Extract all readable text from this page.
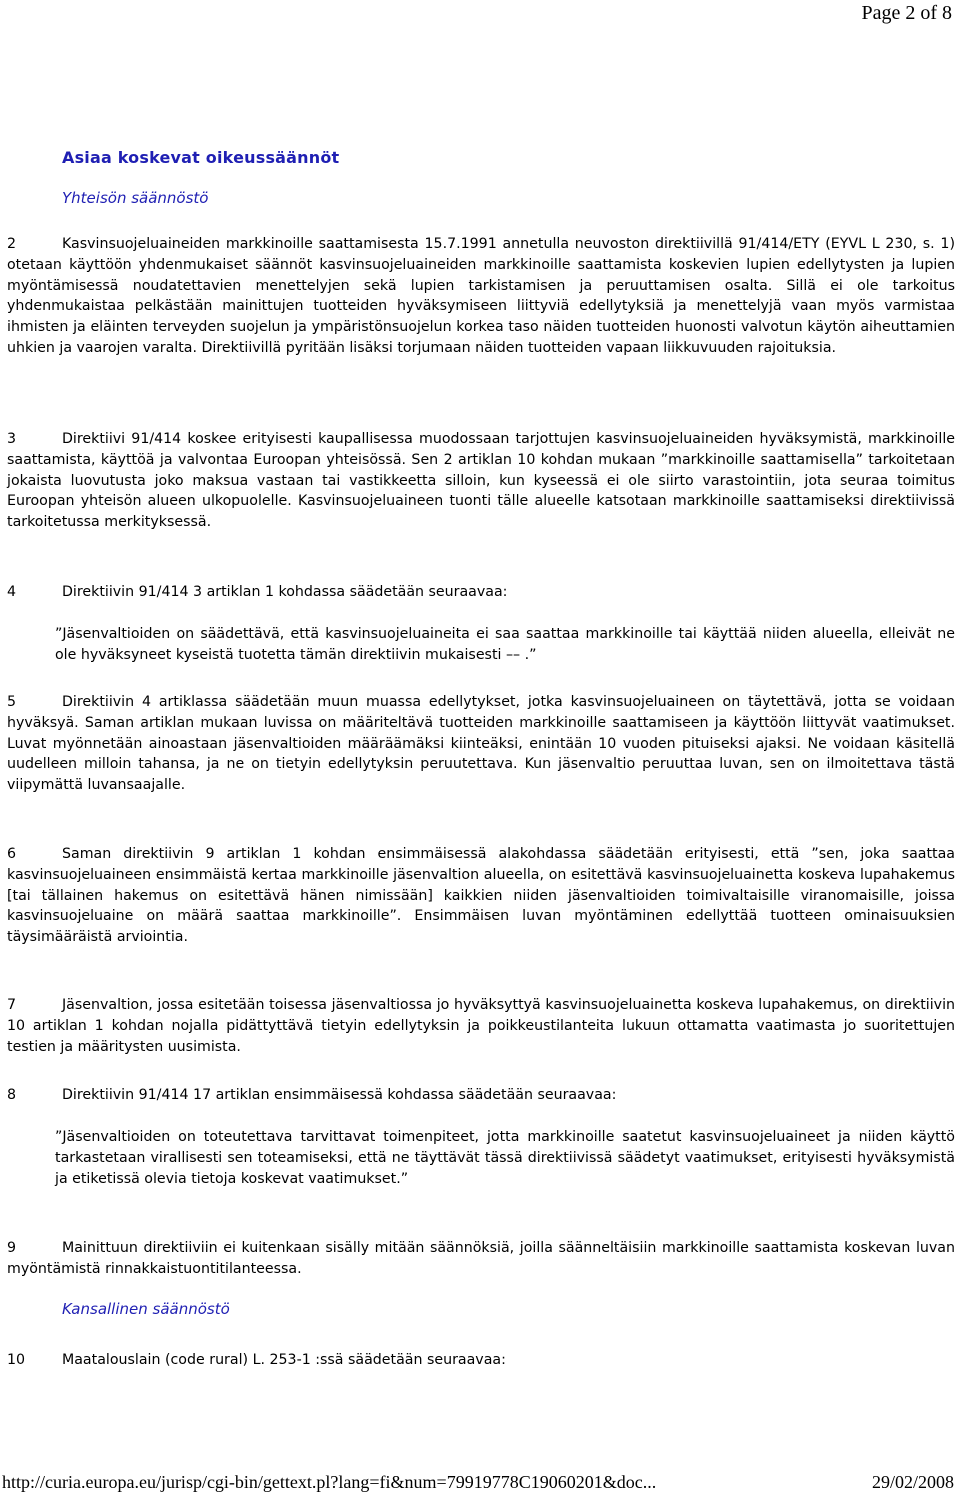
Page 2 of 8
Asiaa koskevat oikeussäännöt
Yhteisön säännöstö
2	Kasvinsuojeluaineiden markkinoille saattamisesta 15.7.1991 annetulla neuvoston direktiivillä 91/414/ETY (EYVL L 230, s. 1) otetaan käyttöön yhdenmukaiset säännöt kasvinsuojeluaineiden markkinoille saattamista koskevien lupien edellytysten ja lupien myöntämisessä noudatettavien menettelyjen sekä lupien tarkistamisen ja peruuttamisen osalta. Sillä ei ole tarkoitus yhdenmukaistaa pelkästään mainittujen tuotteiden hyväksymiseen liittyviä edellytyksiä ja menettelyjä vaan myös varmistaa ihmisten ja eläinten terveyden suojelun ja ympäristönsuojelun korkea taso näiden tuotteiden huonosti valvotun käytön aiheuttamien uhkien ja vaarojen varalta. Direktiivillä pyritään lisäksi torjumaan näiden tuotteiden vapaan liikkuvuuden rajoituksia.
3	Direktiivi 91/414 koskee erityisesti kaupallisessa muodossaan tarjottujen kasvinsuojeluaineiden hyväksymistä, markkinoille saattamista, käyttöä ja valvontaa Euroopan yhteisössä. Sen 2 artiklan 10 kohdan mukaan ”markkinoille saattamisella” tarkoitetaan jokaista luovutusta joko maksua vastaan tai vastikkeetta silloin, kun kyseessä ei ole siirto varastointiin, jota seuraa toimitus Euroopan yhteisön alueen ulkopuolelle. Kasvinsuojeluaineen tuonti tälle alueelle katsotaan markkinoille saattamiseksi direktiivissä tarkoitetussa merkityksessä.
4	Direktiivin 91/414 3 artiklan 1 kohdassa säädetään seuraavaa:
”Jäsenvaltioiden on säädettävä, että kasvinsuojeluaineita ei saa saattaa markkinoille tai käyttää niiden alueella, elleivät ne ole hyväksyneet kyseistä tuotetta tämän direktiivin mukaisesti –– .”
5	Direktiivin 4 artiklassa säädetään muun muassa edellytykset, jotka kasvinsuojeluaineen on täytettävä, jotta se voidaan hyväksyä. Saman artiklan mukaan luvissa on määriteltävä tuotteiden markkinoille saattamiseen ja käyttöön liittyvät vaatimukset. Luvat myönnetään ainoastaan jäsenvaltioiden määräämäksi kiinteäksi, enintään 10 vuoden pituiseksi ajaksi. Ne voidaan käsitellä uudelleen milloin tahansa, ja ne on tietyin edellytyksin peruutettava. Kun jäsenvaltio peruuttaa luvan, sen on ilmoitettava tästä viipymättä luvansaajalle.
6	Saman direktiivin 9 artiklan 1 kohdan ensimmäisessä alakohdassa säädetään erityisesti, että ”sen, joka saattaa kasvinsuojeluaineen ensimmäistä kertaa markkinoille jäsenvaltion alueella, on esitettävä kasvinsuojeluainetta koskeva lupahakemus [tai tällainen hakemus on esitettävä hänen nimissään] kaikkien niiden jäsenvaltioiden toimivaltaisille viranomaisille, joissa kasvinsuojeluaine on määrä saattaa markkinoille”. Ensimmäisen luvan myöntäminen edellyttää tuotteen ominaisuuksien täysimääräistä arviointia.
7	Jäsenvaltion, jossa esitetään toisessa jäsenvaltiossa jo hyväksyttyä kasvinsuojeluainetta koskeva lupahakemus, on direktiivin 10 artiklan 1 kohdan nojalla pidättyttävä tietyin edellytyksin ja poikkeustilanteita lukuun ottamatta vaatimasta jo suoritettujen testien ja määritysten uusimista.
8	Direktiivin 91/414 17 artiklan ensimmäisessä kohdassa säädetään seuraavaa:
”Jäsenvaltioiden on toteutettava tarvittavat toimenpiteet, jotta markkinoille saatetut kasvinsuojeluaineet ja niiden käyttö tarkastetaan virallisesti sen toteamiseksi, että ne täyttävät tässä direktiivissä säädetyt vaatimukset, erityisesti hyväksymistä ja etiketissä olevia tietoja koskevat vaatimukset.”
9	Mainittuun direktiiviin ei kuitenkaan sisälly mitään säännöksiä, joilla säänneltäisiin markkinoille saattamista koskevan luvan myöntämistä rinnakkaistuontitilanteessa.
Kansallinen säännöstö
10	Maatalouslain (code rural) L. 253-1 :ssä säädetään seuraavaa:
http://curia.europa.eu/jurisp/cgi-bin/gettext.pl?lang=fi&num=79919778C19060201&doc...	29/02/2008
